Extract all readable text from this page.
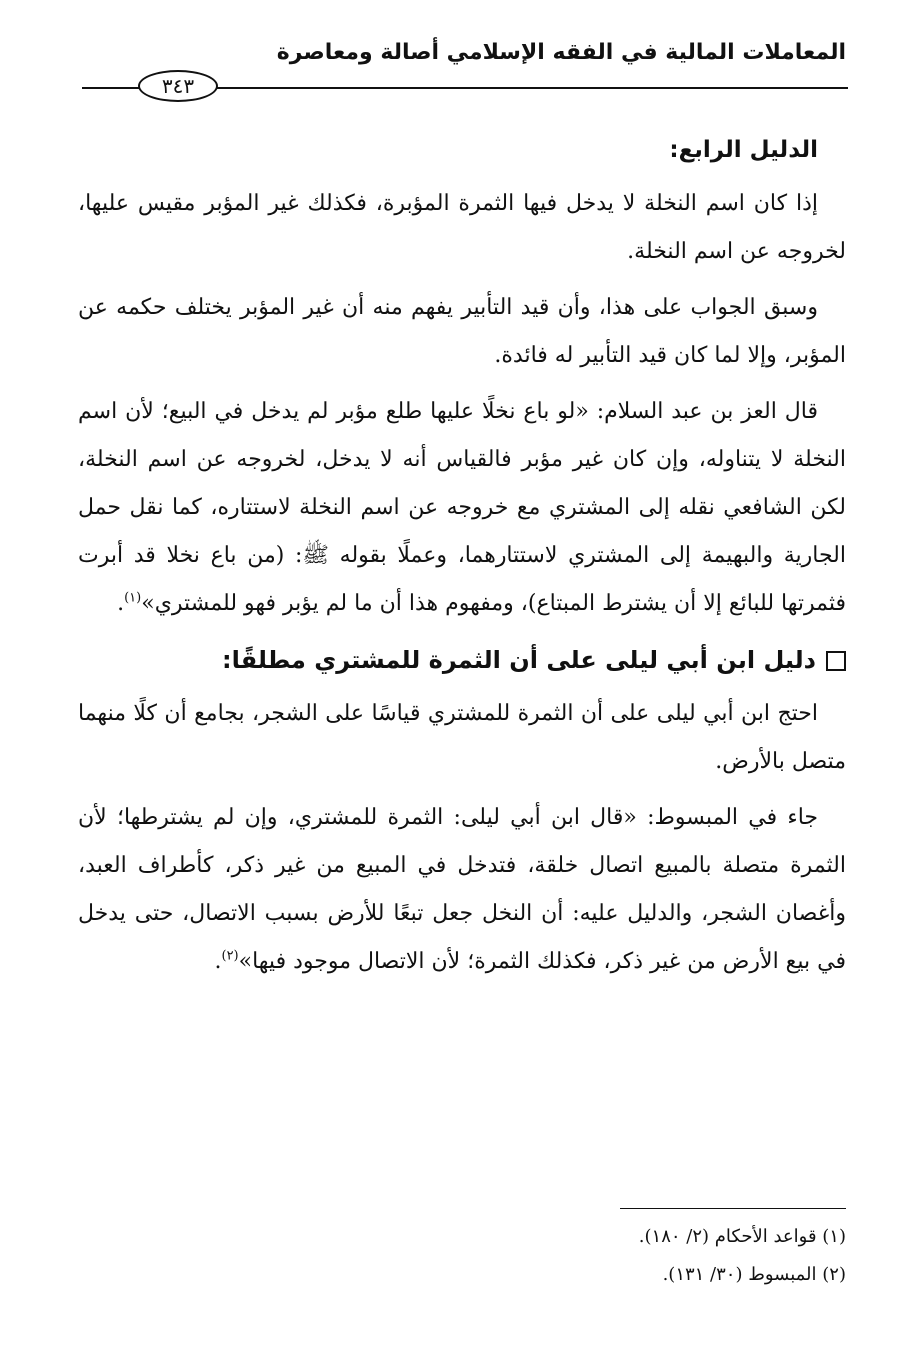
المعاملات المالية في الفقه الإسلامي أصالة ومعاصرة
٣٤٣

الدليل الرابع:

إذا كان اسم النخلة لا يدخل فيها الثمرة المؤبرة، فكذلك غير المؤبر مقيس عليها، لخروجه عن اسم النخلة.

وسبق الجواب على هذا، وأن قيد التأبير يفهم منه أن غير المؤبر يختلف حكمه عن المؤبر، وإلا لما كان قيد التأبير له فائدة.

قال العز بن عبد السلام: «لو باع نخلًا عليها طلع مؤبر لم يدخل في البيع؛ لأن اسم النخلة لا يتناوله، وإن كان غير مؤبر فالقياس أنه لا يدخل، لخروجه عن اسم النخلة، لكن الشافعي نقله إلى المشتري مع خروجه عن اسم النخلة لاستتاره، كما نقل حمل الجارية والبهيمة إلى المشتري لاستتارهما، وعملًا بقوله ﷺ: (من باع نخلا قد أبرت فثمرتها للبائع إلا أن يشترط المبتاع)، ومفهوم هذا أن ما لم يؤبر فهو للمشتري»$^{(١)}$.

دليل ابن أبي ليلى على أن الثمرة للمشتري مطلقًا:

احتج ابن أبي ليلى على أن الثمرة للمشتري قياسًا على الشجر، بجامع أن كلًا منهما متصل بالأرض.

جاء في المبسوط: «قال ابن أبي ليلى: الثمرة للمشتري، وإن لم يشترطها؛ لأن الثمرة متصلة بالمبيع اتصال خلقة، فتدخل في المبيع من غير ذكر، كأطراف العبد، وأغصان الشجر، والدليل عليه: أن النخل جعل تبعًا للأرض بسبب الاتصال، حتى يدخل في بيع الأرض من غير ذكر، فكذلك الثمرة؛ لأن الاتصال موجود فيها»$^{(٢)}$.

(١) قواعد الأحكام (٢/ ١٨٠).

(٢) المبسوط (٣٠/ ١٣١).
